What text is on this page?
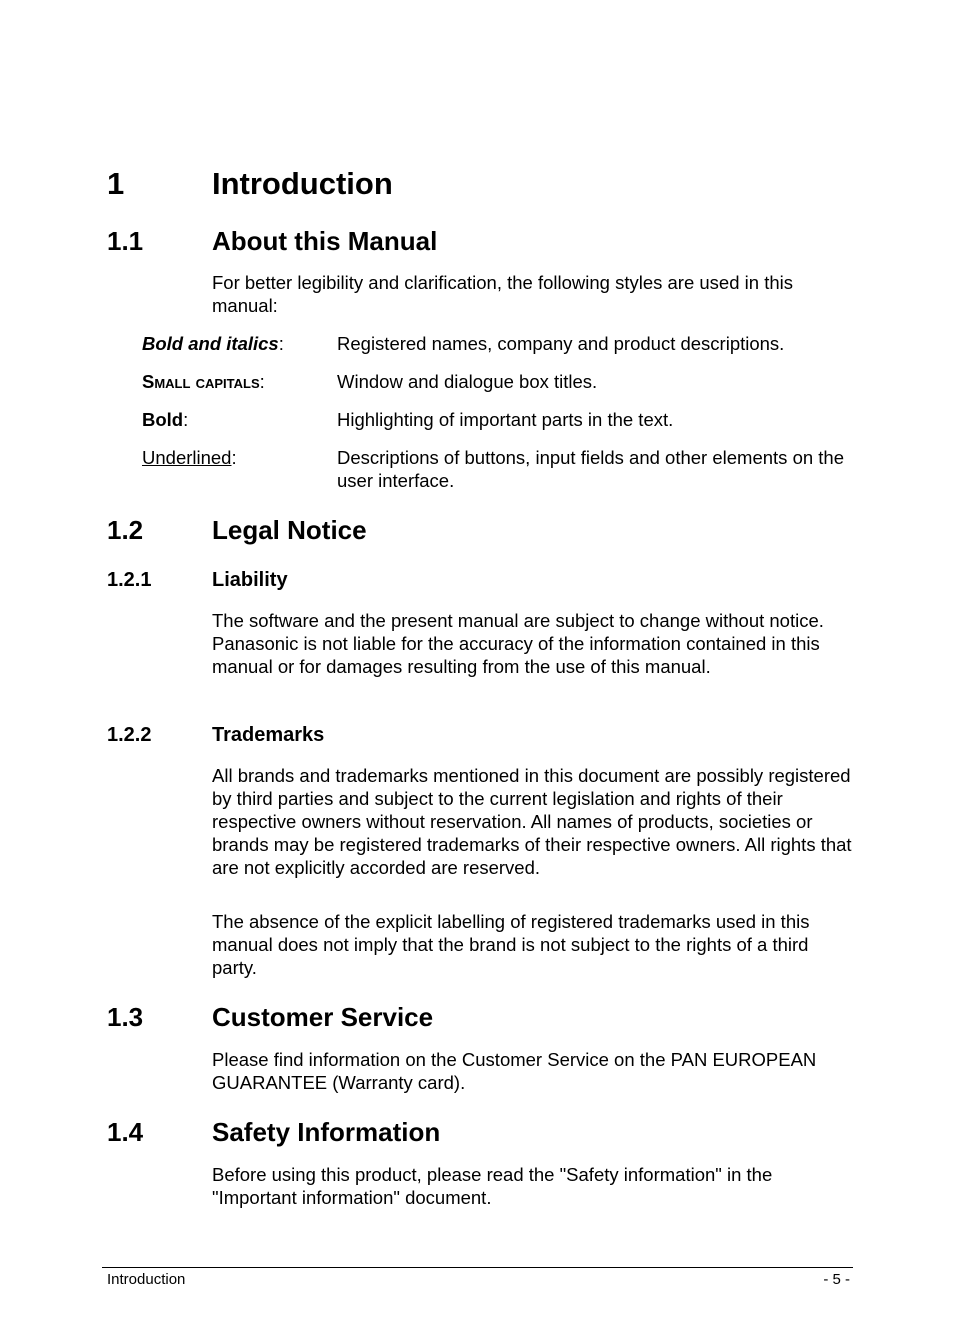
1	Introduction
1.1	About this Manual

For better legibility and clarification, the following styles are used in this manual:

Bold and italics:	Registered names, company and product descriptions.

Small capitals:	Window and dialogue box titles.

Bold:	Highlighting of important parts in the text.

Underlined:	Descriptions of buttons, input fields and other elements on the user interface.

1.2	Legal Notice
1.2.1	Liability

The software and the present manual are subject to change without notice. Panasonic is not liable for the accuracy of the information contained in this manual or for damages resulting from the use of this manual.

1.2.2	Trademarks

All brands and trademarks mentioned in this document are possibly registered by third parties and subject to the current legislation and rights of their respective owners without reservation. All names of products, societies or brands may be registered trademarks of their respective owners. All rights that are not explicitly accorded are reserved.

The absence of the explicit labelling of registered trademarks used in this manual does not imply that the brand is not subject to the rights of a third party.

1.3	Customer Service

Please find information on the Customer Service on the PAN EUROPEAN GUARANTEE (Warranty card).

1.4	Safety Information

Before using this product, please read the "Safety information" in the "Important information" document.

Introduction	- 5 -
